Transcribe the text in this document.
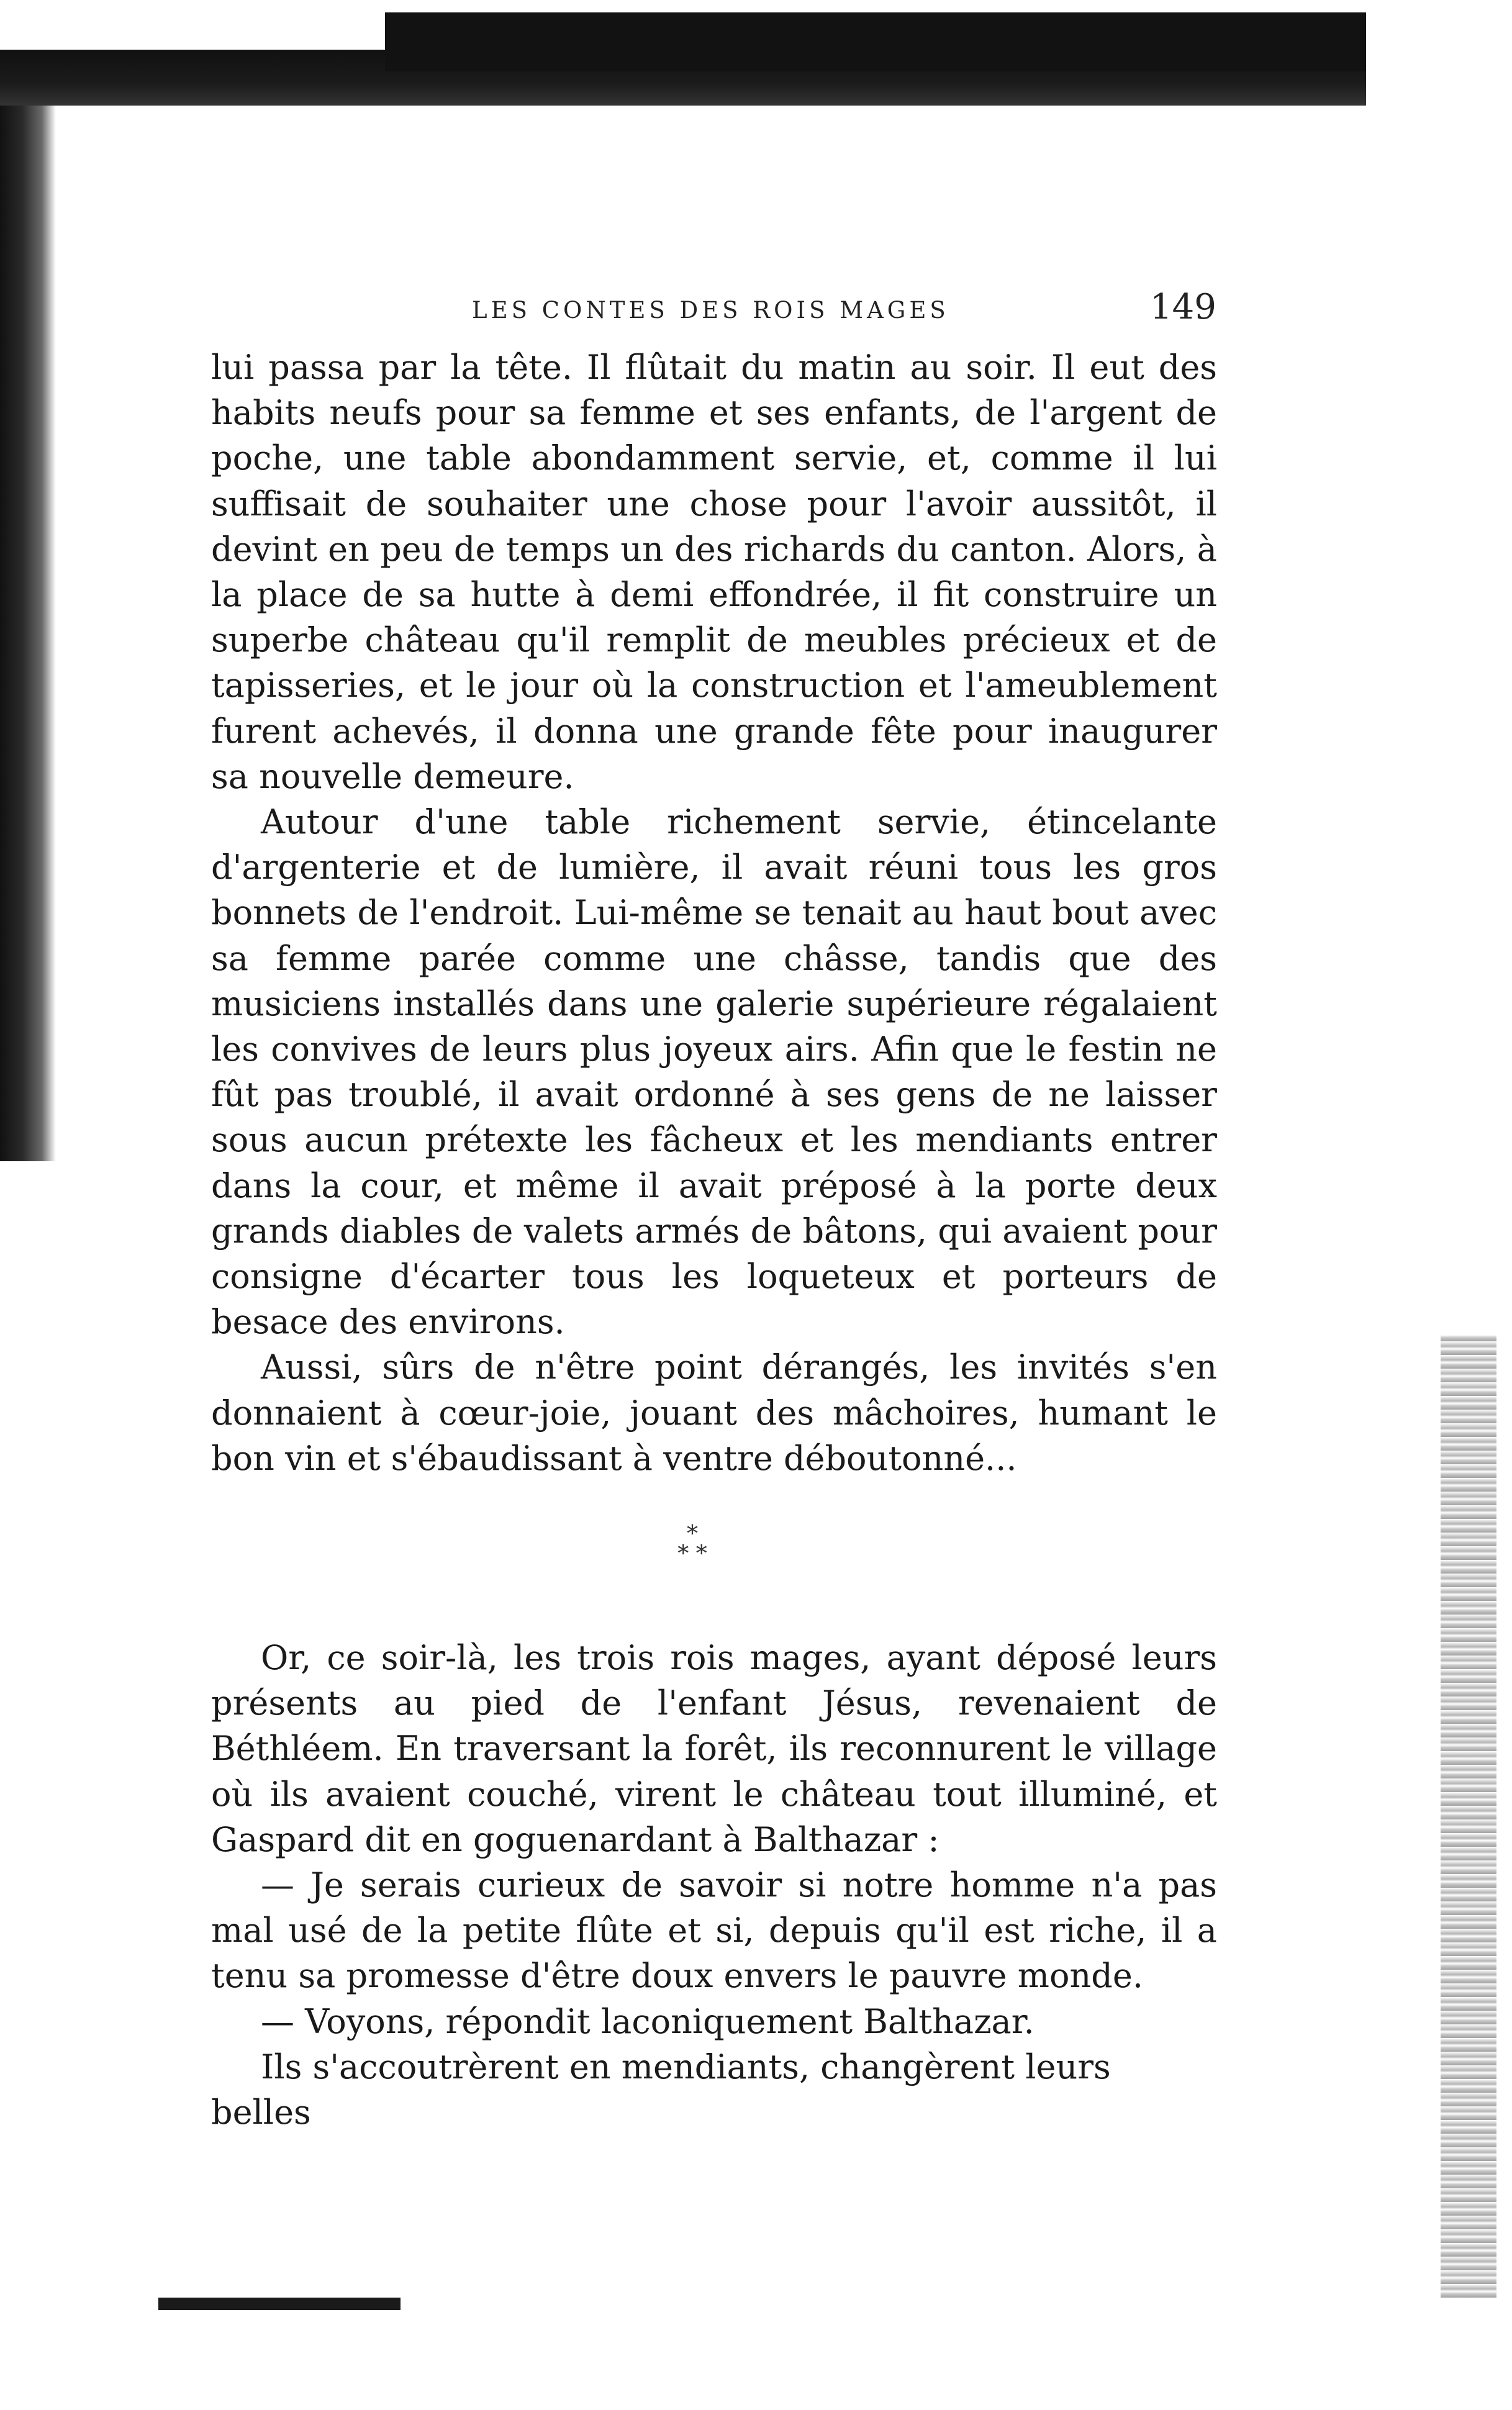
LES CONTES DES ROIS MAGES	149

lui passa par la tête. Il flûtait du matin au soir. Il eut des habits neufs pour sa femme et ses enfants, de l'argent de poche, une table abondamment servie, et, comme il lui suffisait de souhaiter une chose pour l'avoir aussitôt, il devint en peu de temps un des richards du canton. Alors, à la place de sa hutte à demi effondrée, il fit construire un superbe château qu'il remplit de meubles précieux et de tapisseries, et le jour où la construction et l'ameublement furent achevés, il donna une grande fête pour inaugurer sa nouvelle demeure.

Autour d'une table richement servie, étincelante d'argenterie et de lumière, il avait réuni tous les gros bonnets de l'endroit. Lui-même se tenait au haut bout avec sa femme parée comme une châsse, tandis que des musiciens installés dans une galerie supérieure régalaient les convives de leurs plus joyeux airs. Afin que le festin ne fût pas troublé, il avait ordonné à ses gens de ne laisser sous aucun prétexte les fâcheux et les mendiants entrer dans la cour, et même il avait préposé à la porte deux grands diables de valets armés de bâtons, qui avaient pour consigne d'écarter tous les loqueteux et porteurs de besace des environs.

Aussi, sûrs de n'être point dérangés, les invités s'en donnaient à cœur-joie, jouant des mâchoires, humant le bon vin et s'ébaudissant à ventre déboutonné...

*
* *

Or, ce soir-là, les trois rois mages, ayant déposé leurs présents au pied de l'enfant Jésus, revenaient de Béthléem. En traversant la forêt, ils reconnurent le village où ils avaient couché, virent le château tout illuminé, et Gaspard dit en goguenardant à Balthazar :

— Je serais curieux de savoir si notre homme n'a pas mal usé de la petite flûte et si, depuis qu'il est riche, il a tenu sa promesse d'être doux envers le pauvre monde.

— Voyons, répondit laconiquement Balthazar.

Ils s'accoutrèrent en mendiants, changèrent leurs belles
